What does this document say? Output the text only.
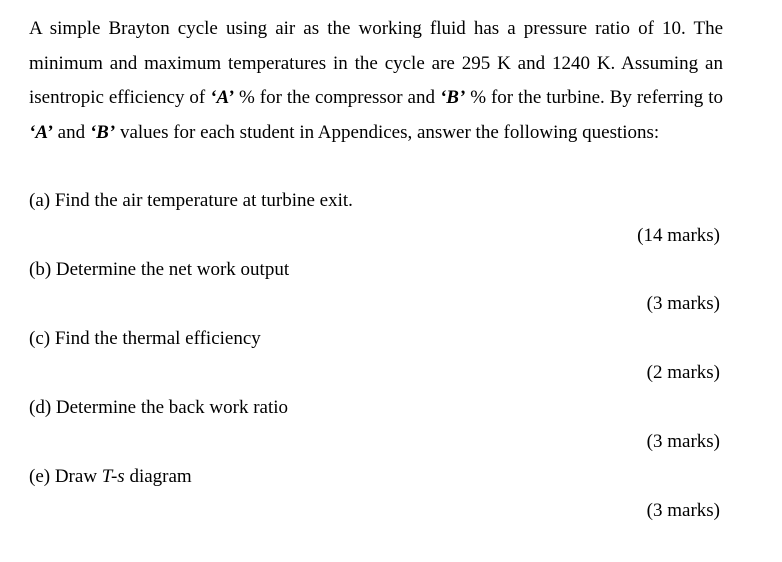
A simple Brayton cycle using air as the working fluid has a pressure ratio of 10. The minimum and maximum temperatures in the cycle are 295 K and 1240 K. Assuming an isentropic efficiency of ‘A’ % for the compressor and ‘B’ % for the turbine. By referring to ‘A’ and ‘B’ values for each student in Appendices, answer the following questions:

(a) Find the air temperature at turbine exit.
(14 marks)
(b) Determine the net work output
(3 marks)
(c) Find the thermal efficiency
(2 marks)
(d) Determine the back work ratio
(3 marks)
(e) Draw T-s diagram
(3 marks)
